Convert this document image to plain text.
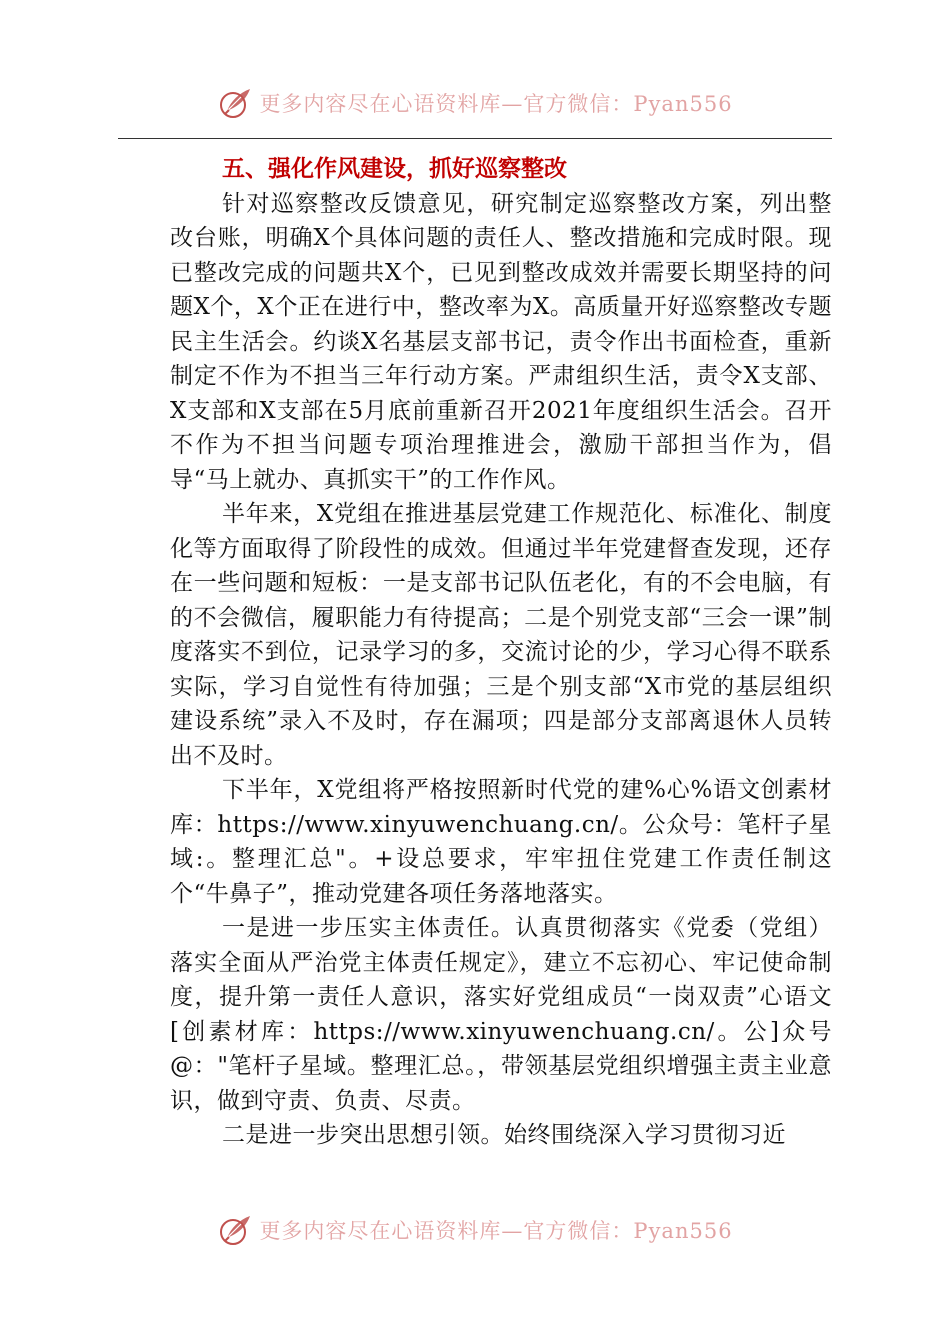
更多内容尽在心语资料库—官方微信：Pyan556

五、强化作风建设，抓好巡察整改

针对巡察整改反馈意见，研究制定巡察整改方案，列出整改台账，明确X个具体问题的责任人、整改措施和完成时限。现已整改完成的问题共X个，已见到整改成效并需要长期坚持的问题X个，X个正在进行中，整改率为X。高质量开好巡察整改专题民主生活会。约谈X名基层支部书记，责令作出书面检查，重新制定不作为不担当三年行动方案。严肃组织生活，责令X支部、X支部和X支部在5月底前重新召开2021年度组织生活会。召开不作为不担当问题专项治理推进会，激励干部担当作为，倡导“马上就办、真抓实干”的工作作风。

半年来，X党组在推进基层党建工作规范化、标准化、制度化等方面取得了阶段性的成效。但通过半年党建督查发现，还存在一些问题和短板：一是支部书记队伍老化，有的不会电脑，有的不会微信，履职能力有待提高；二是个别党支部“三会一课”制度落实不到位，记录学习的多，交流讨论的少，学习心得不联系实际，学习自觉性有待加强；三是个别支部“X市党的基层组织建设系统”录入不及时，存在漏项；四是部分支部离退休人员转出不及时。

下半年，X党组将严格按照新时代党的建%心%语文创素材库：https://www.xinyuwenchuang.cn/。公众号：笔杆子星域:。整理汇总"。+设总要求，牢牢扭住党建工作责任制这个“牛鼻子”，推动党建各项任务落地落实。

一是进一步压实主体责任。认真贯彻落实《党委（党组）落实全面从严治党主体责任规定》，建立不忘初心、牢记使命制度，提升第一责任人意识，落实好党组成员“一岗双责”心语文[创素材库：https://www.xinyuwenchuang.cn/。公]众号@："笔杆子星域。整理汇总。，带领基层党组织增强主责主业意识，做到守责、负责、尽责。

二是进一步突出思想引领。始终围绕深入学习贯彻习近

更多内容尽在心语资料库—官方微信：Pyan556
